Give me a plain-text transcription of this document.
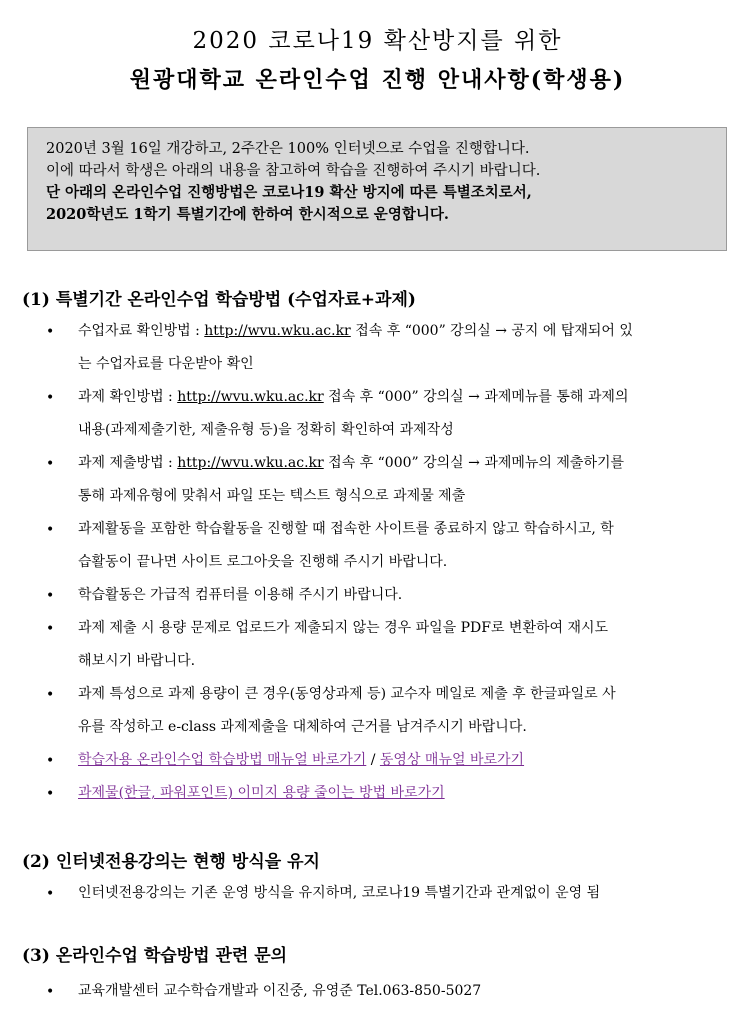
2020 코로나19 확산방지를 위한
원광대학교 온라인수업 진행 안내사항(학생용)
2020년 3월 16일 개강하고, 2주간은 100% 인터넷으로 수업을 진행합니다.
이에 따라서 학생은 아래의 내용을 참고하여 학습을 진행하여 주시기 바랍니다.
단 아래의 온라인수업 진행방법은 코로나19 확산 방지에 따른 특별조치로서,
2020학년도 1학기 특별기간에 한하여 한시적으로 운영합니다.
(1) 특별기간 온라인수업 학습방법 (수업자료+과제)
•	수업자료 확인방법 : http://wvu.wku.ac.kr 접속 후 “000” 강의실 → 공지 에 탑재되어 있
는 수업자료를 다운받아 확인
•	과제 확인방법 : http://wvu.wku.ac.kr 접속 후 “000” 강의실 → 과제메뉴를 통해 과제의
내용(과제제출기한, 제출유형 등)을 정확히 확인하여 과제작성
•	과제 제출방법 : http://wvu.wku.ac.kr 접속 후 “000” 강의실 → 과제메뉴의 제출하기를
통해 과제유형에 맞춰서 파일 또는 텍스트 형식으로 과제물 제출
•	과제활동을 포함한 학습활동을 진행할 때 접속한 사이트를 종료하지 않고 학습하시고, 학
습활동이 끝나면 사이트 로그아웃을 진행해 주시기 바랍니다.
•	학습활동은 가급적 컴퓨터를 이용해 주시기 바랍니다.
•	과제 제출 시 용량 문제로 업로드가 제출되지 않는 경우 파일을 PDF로 변환하여 재시도
해보시기 바랍니다.
•	과제 특성으로 과제 용량이 큰 경우(동영상과제 등) 교수자 메일로 제출 후 한글파일로 사
유를 작성하고 e-class 과제제출을 대체하여 근거를 남겨주시기 바랍니다.
•	학습자용 온라인수업 학습방법 매뉴얼 바로가기 / 동영상 매뉴얼 바로가기
•	과제물(한글, 파워포인트) 이미지 용량 줄이는 방법 바로가기
(2) 인터넷전용강의는 현행 방식을 유지
•	인터넷전용강의는 기존 운영 방식을 유지하며, 코로나19 특별기간과 관계없이 운영 됨
(3) 온라인수업 학습방법 관련 문의
•	교육개발센터 교수학습개발과 이진중, 유영준 Tel.063-850-5027
